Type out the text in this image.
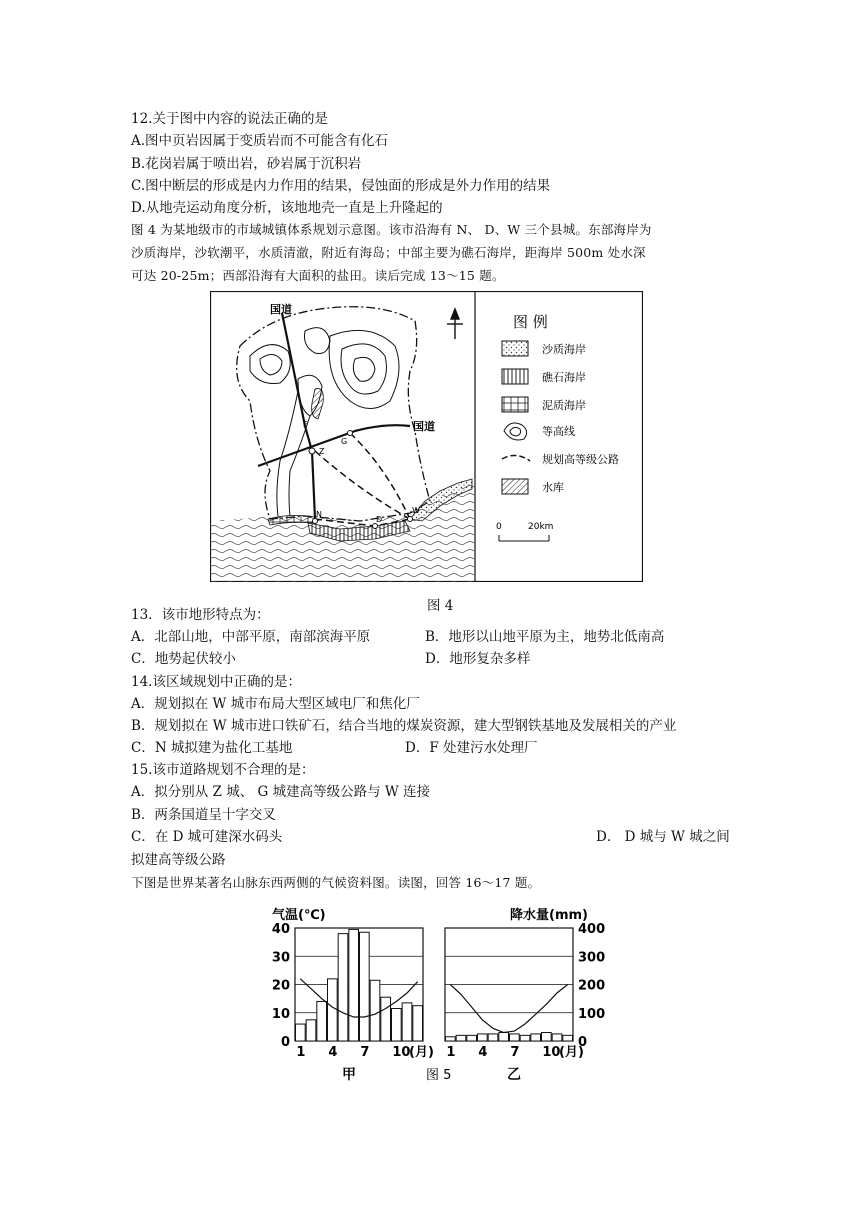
12.关于图中内容的说法正确的是
A.图中页岩因属于变质岩而不可能含有化石
B.花岗岩属于喷出岩，砂岩属于沉积岩
C.图中断层的形成是内力作用的结果，侵蚀面的形成是外力作用的结果
D.从地壳运动角度分析，该地地壳一直是上升隆起的
图 4 为某地级市的市域城镇体系规划示意图。该市沿海有 N、 D、W 三个县城。东部海岸为
沙质海岸，沙软潮平，水质清澈，附近有海岛；中部主要为礁石海岸，距海岸 500m 处水深
可达 20-25m；西部沿海有大面积的盐田。读后完成 13～15 题。
国道
国道
F
Z
G
N
D
W
图 例
沙质海岸
礁石海岸
泥质海岸
等高线
规划高等级公路
水库
0	20km
图 4
13．该市地形特点为：
A．北部山地，中部平原，南部滨海平原	B．地形以山地平原为主，地势北低南高
C．地势起伏较小	D．地形复杂多样
14.该区域规划中正确的是：
A．规划拟在 W 城市布局大型区域电厂和焦化厂
B．规划拟在 W 城市进口铁矿石，结合当地的煤炭资源，建大型钢铁基地及发展相关的产业
C．N 城拟建为盐化工基地	D．F 处建污水处理厂
15.该市道路规划不合理的是：
A．拟分别从 Z 城、 G 城建高等级公路与 W 连接
B．两条国道呈十字交叉
C．在 D 城可建深水码头	D． D 城与 W 城之间
拟建高等级公路
下图是世界某著名山脉东西两侧的气候资料图。读图，回答 16～17 题。
气温(℃)	降水量(mm)
甲	乙
图 5
1 4 7 10
(月) 1 4 7 10
(月)
40
30
20
10
0
400
300
200
100
0
